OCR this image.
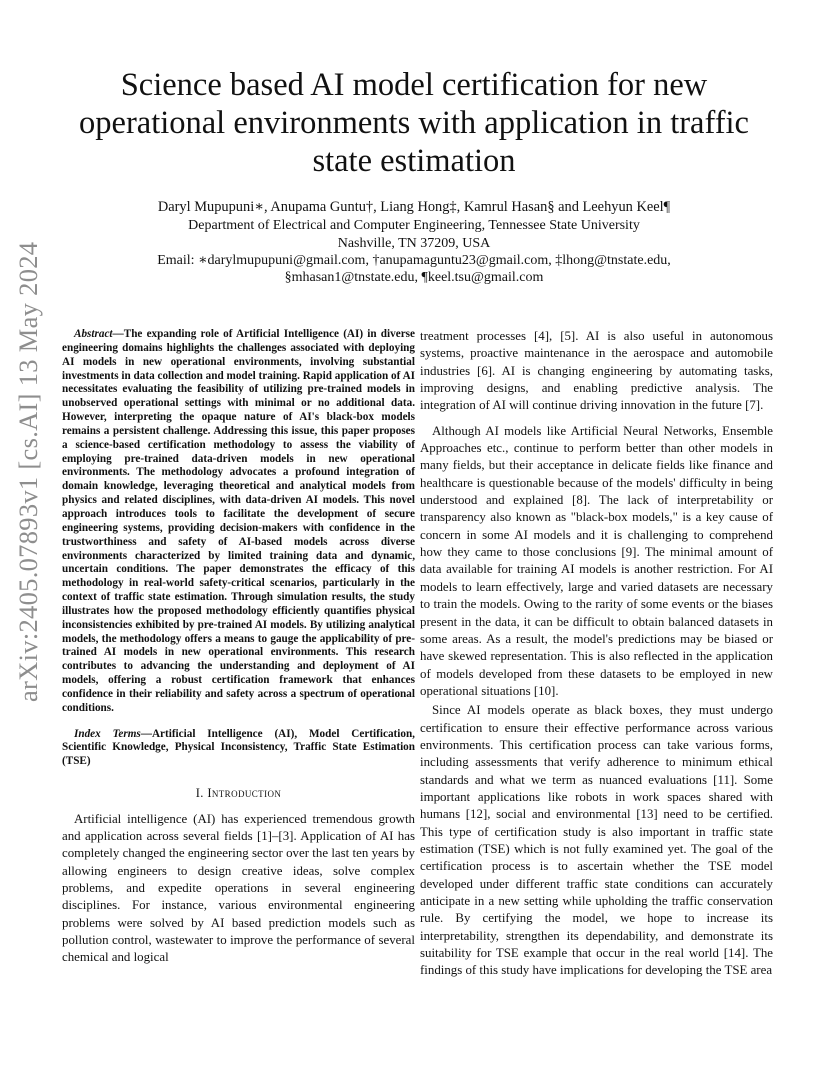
arXiv:2405.07893v1 [cs.AI] 13 May 2024
Science based AI model certification for new operational environments with application in traffic state estimation
Daryl Mupupuni∗, Anupama Guntu†, Liang Hong‡, Kamrul Hasan§ and Leehyun Keel¶
Department of Electrical and Computer Engineering, Tennessee State University
Nashville, TN 37209, USA
Email: ∗darylmupupuni@gmail.com, †anupamaguntu23@gmail.com, ‡lhong@tnstate.edu,
§mhasan1@tnstate.edu, ¶keel.tsu@gmail.com

Abstract—The expanding role of Artificial Intelligence (AI) in diverse engineering domains highlights the challenges associated with deploying AI models in new operational environments, involving substantial investments in data collection and model training. Rapid application of AI necessitates evaluating the feasibility of utilizing pre-trained models in unobserved operational settings with minimal or no additional data. However, interpreting the opaque nature of AI's black-box models remains a persistent challenge. Addressing this issue, this paper proposes a science-based certification methodology to assess the viability of employing pre-trained data-driven models in new operational environments. The methodology advocates a profound integration of domain knowledge, leveraging theoretical and analytical models from physics and related disciplines, with data-driven AI models. This novel approach introduces tools to facilitate the development of secure engineering systems, providing decision-makers with confidence in the trustworthiness and safety of AI-based models across diverse environments characterized by limited training data and dynamic, uncertain conditions. The paper demonstrates the efficacy of this methodology in real-world safety-critical scenarios, particularly in the context of traffic state estimation. Through simulation results, the study illustrates how the proposed methodology efficiently quantifies physical inconsistencies exhibited by pre-trained AI models. By utilizing analytical models, the methodology offers a means to gauge the applicability of pre-trained AI models in new operational environments. This research contributes to advancing the understanding and deployment of AI models, offering a robust certification framework that enhances confidence in their reliability and safety across a spectrum of operational conditions.

Index Terms—Artificial Intelligence (AI), Model Certification, Scientific Knowledge, Physical Inconsistency, Traffic State Estimation (TSE)

I. Introduction

Artificial intelligence (AI) has experienced tremendous growth and application across several fields [1]–[3]. Application of AI has completely changed the engineering sector over the last ten years by allowing engineers to design creative ideas, solve complex problems, and expedite operations in several engineering disciplines. For instance, various environmental engineering problems were solved by AI based prediction models such as pollution control, wastewater to improve the performance of several chemical and logical

treatment processes [4], [5]. AI is also useful in autonomous systems, proactive maintenance in the aerospace and automobile industries [6]. AI is changing engineering by automating tasks, improving designs, and enabling predictive analysis. The integration of AI will continue driving innovation in the future [7].

Although AI models like Artificial Neural Networks, Ensemble Approaches etc., continue to perform better than other models in many fields, but their acceptance in delicate fields like finance and healthcare is questionable because of the models' difficulty in being understood and explained [8]. The lack of interpretability or transparency also known as "black-box models," is a key cause of concern in some AI models and it is challenging to comprehend how they came to those conclusions [9]. The minimal amount of data available for training AI models is another restriction. For AI models to learn effectively, large and varied datasets are necessary to train the models. Owing to the rarity of some events or the biases present in the data, it can be difficult to obtain balanced datasets in some areas. As a result, the model's predictions may be biased or have skewed representation. This is also reflected in the application of models developed from these datasets to be employed in new operational situations [10].

Since AI models operate as black boxes, they must undergo certification to ensure their effective performance across various environments. This certification process can take various forms, including assessments that verify adherence to minimum ethical standards and what we term as nuanced evaluations [11]. Some important applications like robots in work spaces shared with humans [12], social and environmental [13] need to be certified. This type of certification study is also important in traffic state estimation (TSE) which is not fully examined yet. The goal of the certification process is to ascertain whether the TSE model developed under different traffic state conditions can accurately anticipate in a new setting while upholding the traffic conservation rule. By certifying the model, we hope to increase its interpretability, strengthen its dependability, and demonstrate its suitability for TSE example that occur in the real world [14]. The findings of this study have implications for developing the TSE area
